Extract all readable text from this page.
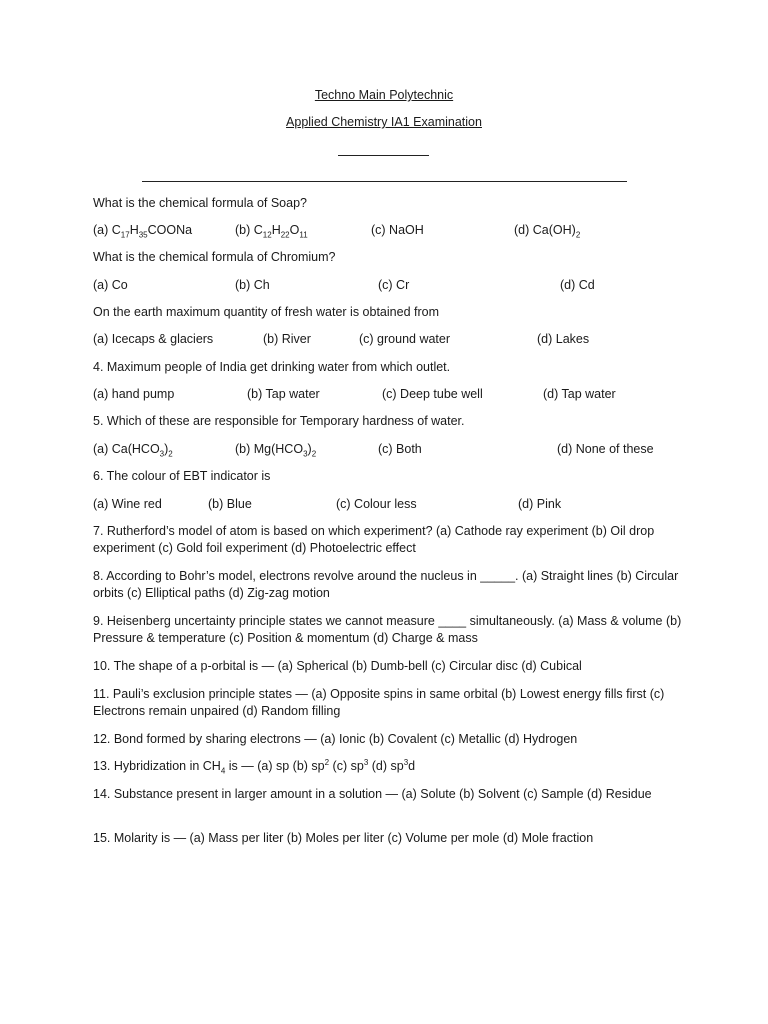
Techno Main Polytechnic
Applied Chemistry IA1 Examination
What is the chemical formula of Soap?
(a) $C_{17}H_{35}COONa$	(b) $C_{12}H_{22}O_{11}$	(c) NaOH	(d) $Ca(OH)_2$
What is the chemical formula of Chromium?
(a) Co	(b) Ch	(c) Cr	(d) Cd
On the earth maximum quantity of fresh water is obtained from
(a) Icecaps & glaciers	(b) River	(c) ground water	(d) Lakes
4. Maximum people of India get drinking water from which outlet.
(a) hand pump	(b) Tap water	(c) Deep tube well	(d) Tap water
5. Which of these are responsible for Temporary hardness of water.
(a) $Ca(HCO_3)_2$	(b) $Mg(HCO_3)_2$	(c) Both	(d) None of these
6. The colour of EBT indicator is
(a) Wine red	(b) Blue	(c) Colour less	(d) Pink
7. Rutherford’s model of atom is based on which experiment? (a) Cathode ray experiment (b) Oil drop experiment (c) Gold foil experiment (d) Photoelectric effect
8. According to Bohr’s model, electrons revolve around the nucleus in _____. (a) Straight lines (b) Circular orbits (c) Elliptical paths (d) Zig-zag motion
9. Heisenberg uncertainty principle states we cannot measure ____ simultaneously. (a) Mass & volume (b) Pressure & temperature (c) Position & momentum (d) Charge & mass
10. The shape of a p-orbital is — (a) Spherical (b) Dumb-bell (c) Circular disc (d) Cubical
11. Pauli’s exclusion principle states — (a) Opposite spins in same orbital (b) Lowest energy fills first (c) Electrons remain unpaired (d) Random filling
12. Bond formed by sharing electrons — (a) Ionic (b) Covalent (c) Metallic (d) Hydrogen
13. Hybridization in $CH_4$ is — (a) sp (b) $sp^2$ (c) $sp^3$ (d) $sp^3d$
14. Substance present in larger amount in a solution — (a) Solute (b) Solvent (c) Sample (d) Residue
15. Molarity is — (a) Mass per liter (b) Moles per liter (c) Volume per mole (d) Mole fraction
